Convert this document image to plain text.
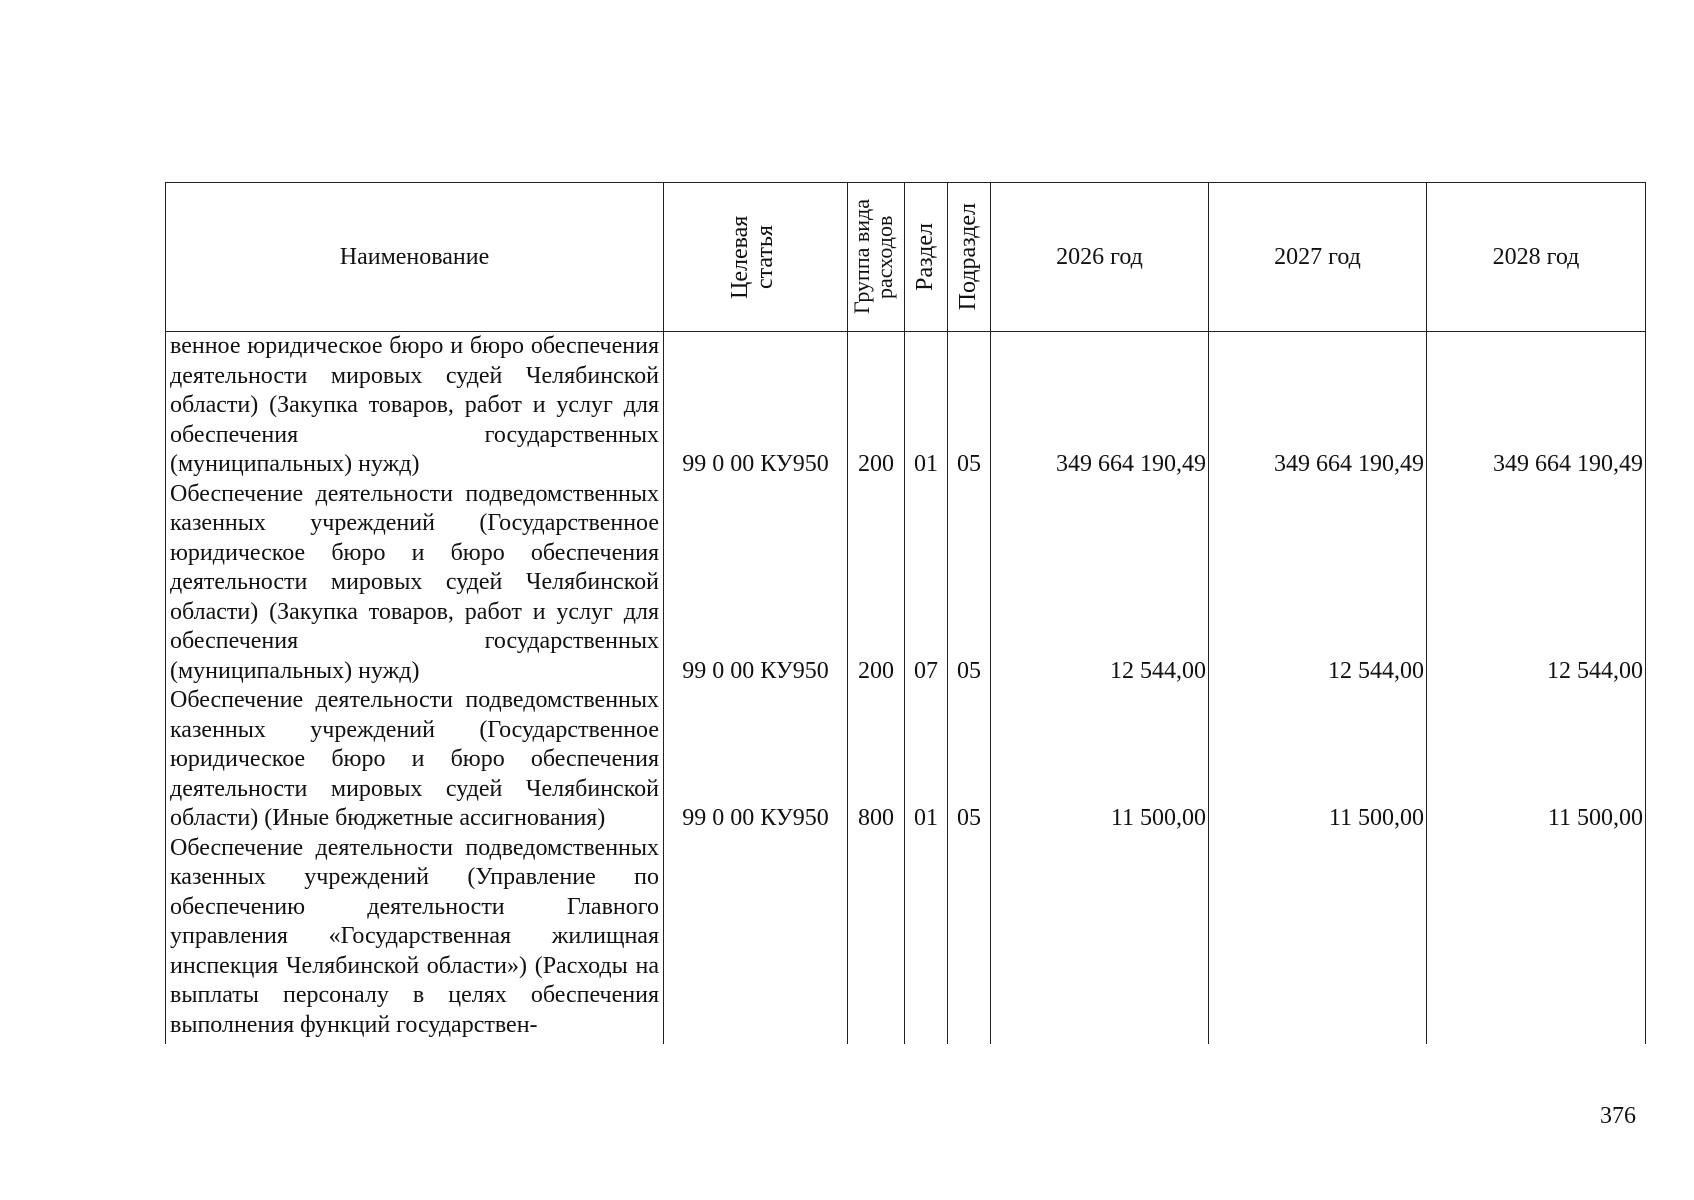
Наименование	Целевая статья	Группа вида расходов	Раздел	Подраздел	2026 год	2027 год	2028 год
венное юридическое бюро и бюро обеспечения деятельности мировых судей Челябинской области) (Закупка товаров, работ и услуг для обеспечения государственных (муниципальных) нужд)	99 0 00 КУ950	200	01	05	349 664 190,49	349 664 190,49	349 664 190,49
Обеспечение деятельности подведомственных казенных учреждений (Государственное юридическое бюро и бюро обеспечения деятельности мировых судей Челябинской области) (Закупка товаров, работ и услуг для обеспечения государственных (муниципальных) нужд)	99 0 00 КУ950	200	07	05	12 544,00	12 544,00	12 544,00
Обеспечение деятельности подведомственных казенных учреждений (Государственное юридическое бюро и бюро обеспечения деятельности мировых судей Челябинской области) (Иные бюджетные ассигнования)	99 0 00 КУ950	800	01	05	11 500,00	11 500,00	11 500,00
Обеспечение деятельности подведомственных казенных учреждений (Управление по обеспечению деятельности Главного управления «Государственная жилищная инспекция Челябинской области») (Расходы на выплаты персоналу в целях обеспечения выполнения функций государствен-							
376
